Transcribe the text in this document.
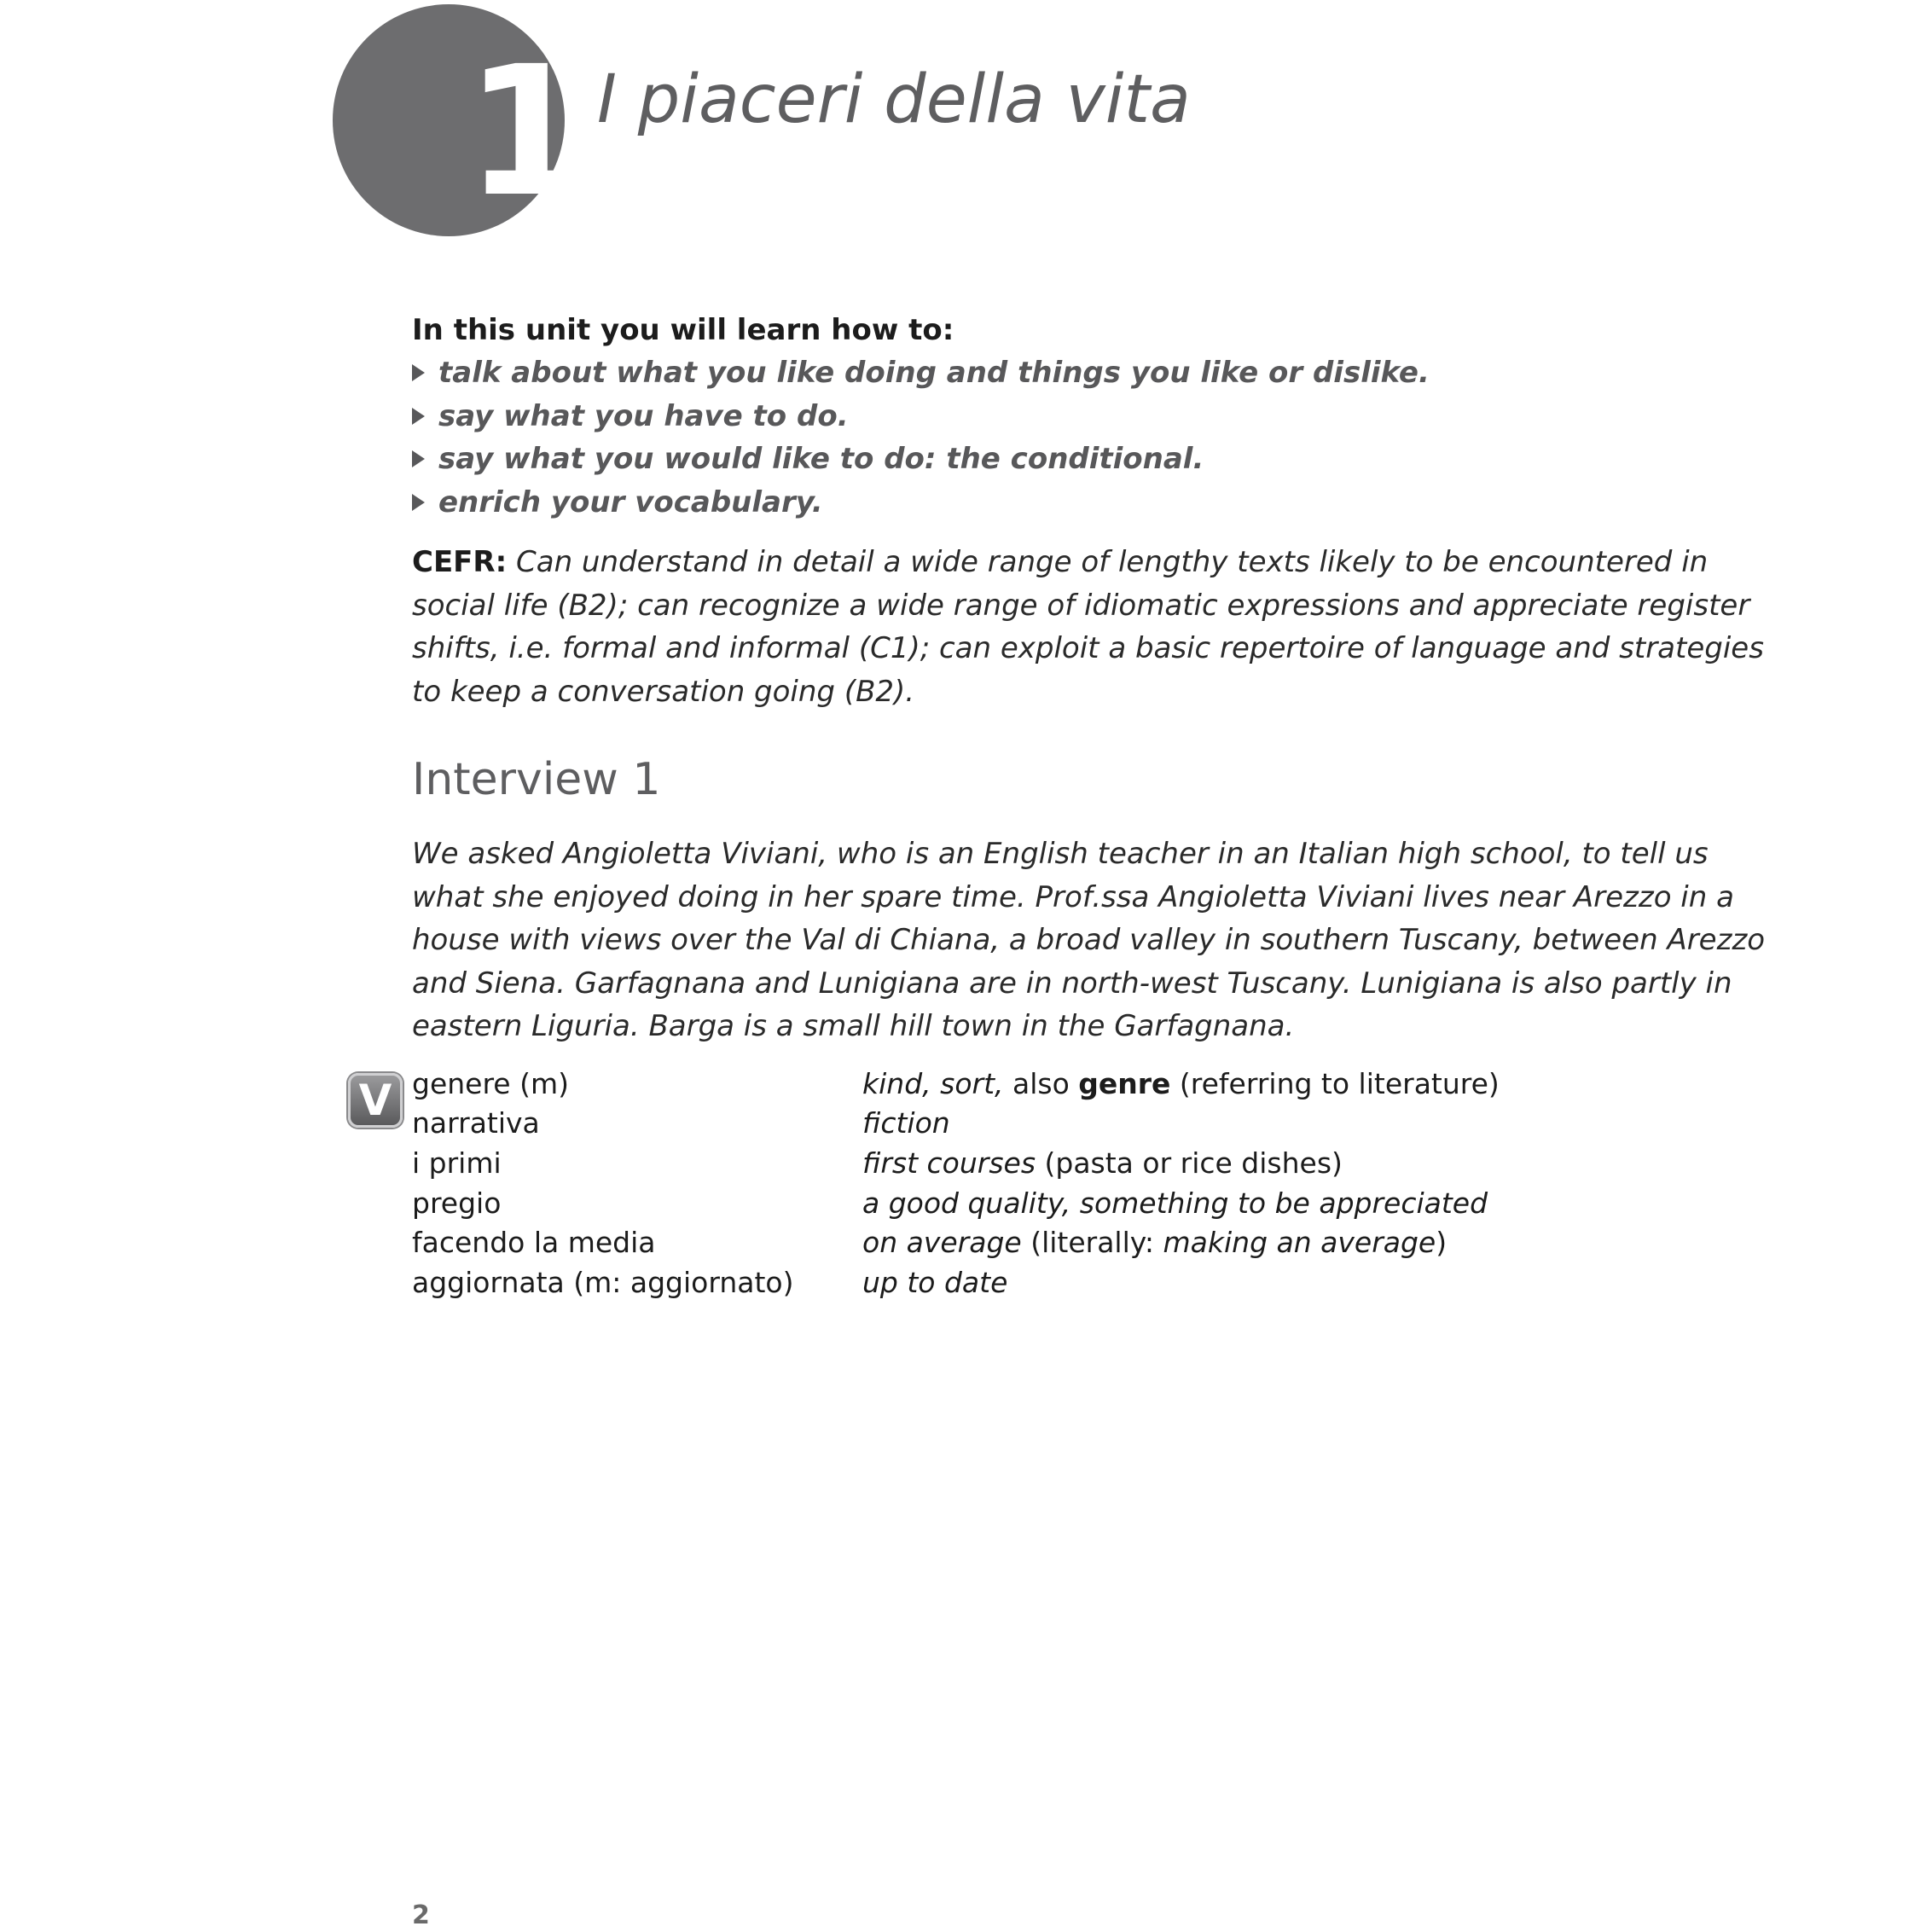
1 I piaceri della vita
In this unit you will learn how to:
talk about what you like doing and things you like or dislike.
say what you have to do.
say what you would like to do: the conditional.
enrich your vocabulary.
CEFR: Can understand in detail a wide range of lengthy texts likely to be encountered in
social life (B2); can recognize a wide range of idiomatic expressions and appreciate register
shifts, i.e. formal and informal (C1); can exploit a basic repertoire of language and strategies
to keep a conversation going (B2).
Interview 1
We asked Angioletta Viviani, who is an English teacher in an Italian high school, to tell us
what she enjoyed doing in her spare time. Prof.ssa Angioletta Viviani lives near Arezzo in a
house with views over the Val di Chiana, a broad valley in southern Tuscany, between Arezzo
and Siena. Garfagnana and Lunigiana are in north-west Tuscany. Lunigiana is also partly in
eastern Liguria. Barga is a small hill town in the Garfagnana.
V genere (m)	kind, sort, also genre (referring to literature)
narrativa	fiction
i primi	first courses (pasta or rice dishes)
pregio	a good quality, something to be appreciated
facendo la media	on average (literally: making an average)
aggiornata (m: aggiornato)	up to date
2
